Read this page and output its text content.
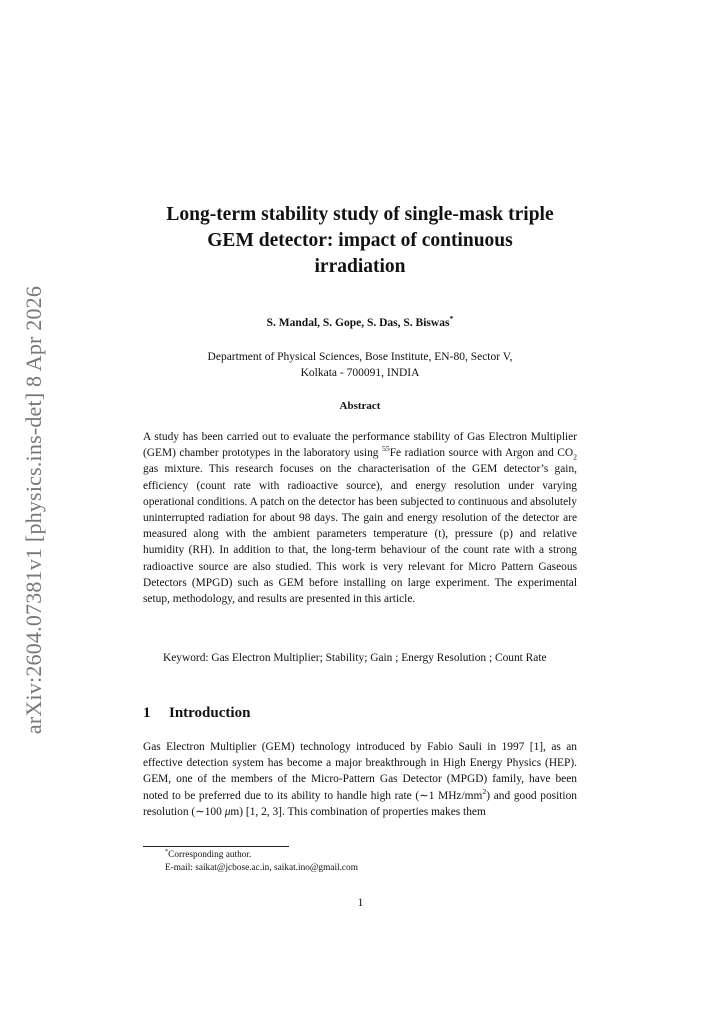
arXiv:2604.07381v1 [physics.ins-det] 8 Apr 2026
Long-term stability study of single-mask triple
GEM detector: impact of continuous
irradiation
S. Mandal, S. Gope, S. Das, S. Biswas*
Department of Physical Sciences, Bose Institute, EN-80, Sector V,
Kolkata - 700091, INDIA
Abstract

A study has been carried out to evaluate the performance stability of Gas Electron Multiplier (GEM) chamber prototypes in the laboratory using $^{55}$Fe radiation source with Argon and $CO_2$ gas mixture. This research focuses on the characterisation of the GEM detector’s gain, efficiency (count rate with radioactive source), and energy resolution under varying operational conditions. A patch on the detector has been subjected to continuous and absolutely uninterrupted radiation for about 98 days. The gain and energy resolution of the detector are measured along with the ambient parameters temperature (t), pressure (p) and relative humidity (RH). In addition to that, the long-term behaviour of the count rate with a strong radioactive source are also studied. This work is very relevant for Micro Pattern Gaseous Detectors (MPGD) such as GEM before installing on large experiment. The experimental setup, methodology, and results are presented in this article.

Keyword: Gas Electron Multiplier; Stability; Gain ; Energy Resolution ; Count Rate

1 Introduction

Gas Electron Multiplier (GEM) technology introduced by Fabio Sauli in 1997 [1], as an effective detection system has become a major breakthrough in High Energy Physics (HEP). GEM, one of the members of the Micro-Pattern Gas Detector (MPGD) family, have been noted to be preferred due to its ability to handle high rate (∼1 MHz/$mm^2$) and good position resolution (∼100 μm) [1, 2, 3]. This combination of properties makes them

*Corresponding author.
E-mail: saikat@jcbose.ac.in, saikat.ino@gmail.com
1
